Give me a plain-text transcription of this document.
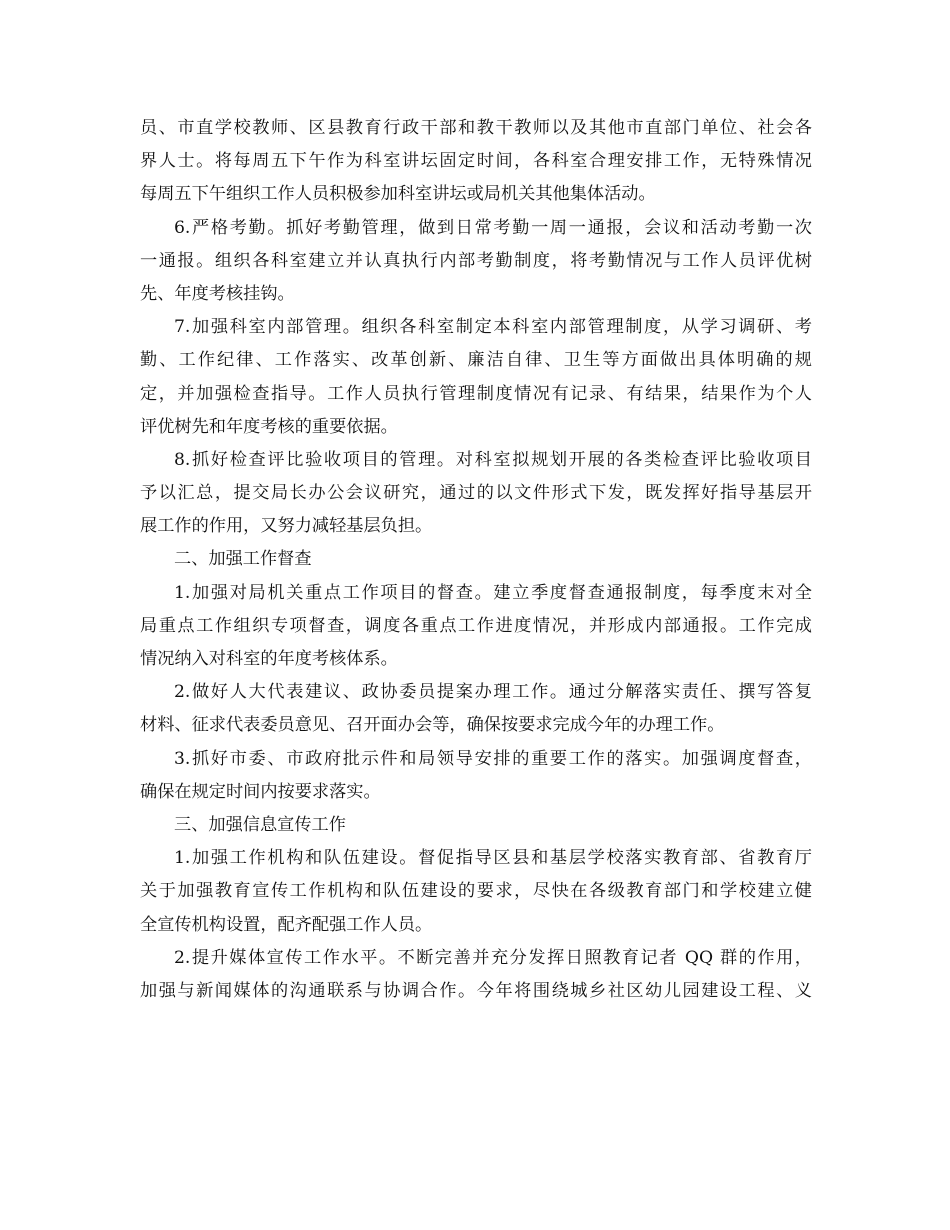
员、市直学校教师、区县教育行政干部和教干教师以及其他市直部门单位、社会各
界人士。将每周五下午作为科室讲坛固定时间，各科室合理安排工作，无特殊情况
每周五下午组织工作人员积极参加科室讲坛或局机关其他集体活动。
6.严格考勤。抓好考勤管理，做到日常考勤一周一通报，会议和活动考勤一次
一通报。组织各科室建立并认真执行内部考勤制度，将考勤情况与工作人员评优树
先、年度考核挂钩。
7.加强科室内部管理。组织各科室制定本科室内部管理制度，从学习调研、考
勤、工作纪律、工作落实、改革创新、廉洁自律、卫生等方面做出具体明确的规
定，并加强检查指导。工作人员执行管理制度情况有记录、有结果，结果作为个人
评优树先和年度考核的重要依据。
8.抓好检查评比验收项目的管理。对科室拟规划开展的各类检查评比验收项目
予以汇总，提交局长办公会议研究，通过的以文件形式下发，既发挥好指导基层开
展工作的作用，又努力减轻基层负担。
二、加强工作督查
1.加强对局机关重点工作项目的督查。建立季度督查通报制度，每季度末对全
局重点工作组织专项督查，调度各重点工作进度情况，并形成内部通报。工作完成
情况纳入对科室的年度考核体系。
2.做好人大代表建议、政协委员提案办理工作。通过分解落实责任、撰写答复
材料、征求代表委员意见、召开面办会等，确保按要求完成今年的办理工作。
3.抓好市委、市政府批示件和局领导安排的重要工作的落实。加强调度督查，
确保在规定时间内按要求落实。
三、加强信息宣传工作
1.加强工作机构和队伍建设。督促指导区县和基层学校落实教育部、省教育厅
关于加强教育宣传工作机构和队伍建设的要求，尽快在各级教育部门和学校建立健
全宣传机构设置，配齐配强工作人员。
2.提升媒体宣传工作水平。不断完善并充分发挥日照教育记者 QQ 群的作用，
加强与新闻媒体的沟通联系与协调合作。今年将围绕城乡社区幼儿园建设工程、义
